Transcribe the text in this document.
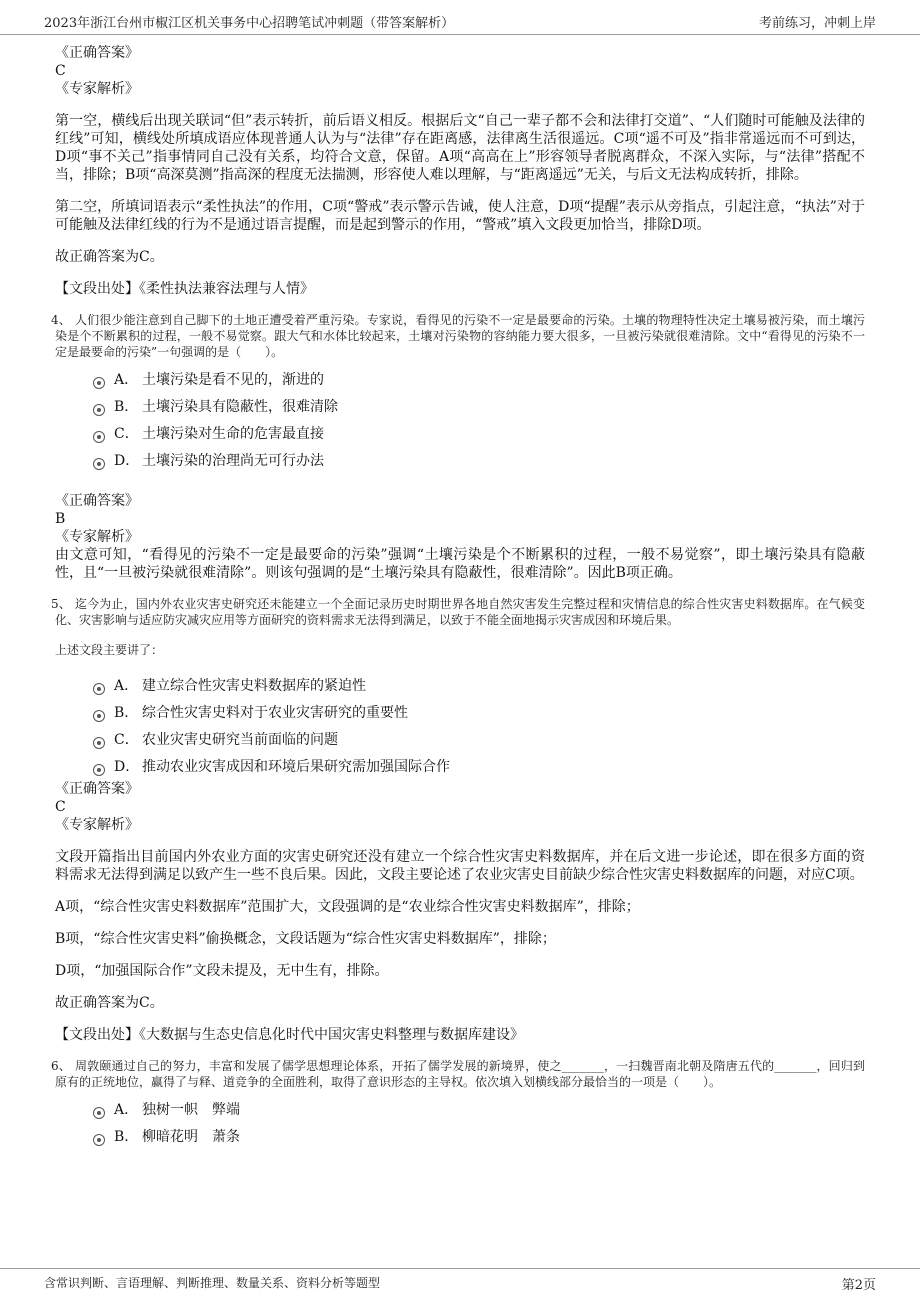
2023年浙江台州市椒江区机关事务中心招聘笔试冲刺题（带答案解析）	考前练习，冲刺上岸
《正确答案》
C
《专家解析》
第一空，横线后出现关联词“但”表示转折，前后语义相反。根据后文“自己一辈子都不会和法律打交道”、“人们随时可能触及法律的红线”可知，横线处所填成语应体现普通人认为与“法律”存在距离感，法律离生活很遥远。C项“遥不可及”指非常遥远而不可到达，D项“事不关己”指事情同自己没有关系，均符合文意，保留。A项“高高在上”形容领导者脱离群众，不深入实际，与“法律”搭配不当，排除；B项“高深莫测”指高深的程度无法揣测，形容使人难以理解，与“距离遥远”无关，与后文无法构成转折，排除。
第二空，所填词语表示“柔性执法”的作用，C项“警戒”表示警示告诫，使人注意，D项“提醒”表示从旁指点，引起注意，“执法”对于可能触及法律红线的行为不是通过语言提醒，而是起到警示的作用，“警戒”填入文段更加恰当，排除D项。
故正确答案为C。
【文段出处】《柔性执法兼容法理与人情》
4、 人们很少能注意到自己脚下的土地正遭受着严重污染。专家说，看得见的污染不一定是最要命的污染。土壤的物理特性决定土壤易被污染，而土壤污染是个不断累积的过程，一般不易觉察。跟大气和水体比较起来，土壤对污染物的容纳能力要大很多，一旦被污染就很难清除。文中“看得见的污染不一定是最要命的污染”一句强调的是（　　）。
A． 土壤污染是看不见的，渐进的
B． 土壤污染具有隐蔽性，很难清除
C． 土壤污染对生命的危害最直接
D． 土壤污染的治理尚无可行办法
《正确答案》
B
《专家解析》
由文意可知，“看得见的污染不一定是最要命的污染”强调“土壤污染是个不断累积的过程，一般不易觉察”，即土壤污染具有隐蔽性，且“一旦被污染就很难清除”。则该句强调的是“土壤污染具有隐蔽性，很难清除”。因此B项正确。
5、 迄今为止，国内外农业灾害史研究还未能建立一个全面记录历史时期世界各地自然灾害发生完整过程和灾情信息的综合性灾害史料数据库。在气候变化、灾害影响与适应防灾减灾应用等方面研究的资料需求无法得到满足，以致于不能全面地揭示灾害成因和环境后果。
上述文段主要讲了：
A． 建立综合性灾害史料数据库的紧迫性
B． 综合性灾害史料对于农业灾害研究的重要性
C． 农业灾害史研究当前面临的问题
D． 推动农业灾害成因和环境后果研究需加强国际合作
《正确答案》
C
《专家解析》
文段开篇指出目前国内外农业方面的灾害史研究还没有建立一个综合性灾害史料数据库，并在后文进一步论述，即在很多方面的资料需求无法得到满足以致产生一些不良后果。因此，文段主要论述了农业灾害史目前缺少综合性灾害史料数据库的问题，对应C项。
A项，“综合性灾害史料数据库”范围扩大，文段强调的是“农业综合性灾害史料数据库”，排除；
B项，“综合性灾害史料”偷换概念，文段话题为“综合性灾害史料数据库”，排除；
D项，“加强国际合作”文段未提及，无中生有，排除。
故正确答案为C。
【文段出处】《大数据与生态史信息化时代中国灾害史料整理与数据库建设》
6、 周敦颐通过自己的努力，丰富和发展了儒学思想理论体系，开拓了儒学发展的新境界，使之_______，一扫魏晋南北朝及隋唐五代的_______，回归到原有的正统地位，赢得了与释、道竞争的全面胜利，取得了意识形态的主导权。依次填入划横线部分最恰当的一项是（　　）。
A． 独树一帜　弊端
B． 柳暗花明　萧条
含常识判断、言语理解、判断推理、数量关系、资料分析等题型	第2页
